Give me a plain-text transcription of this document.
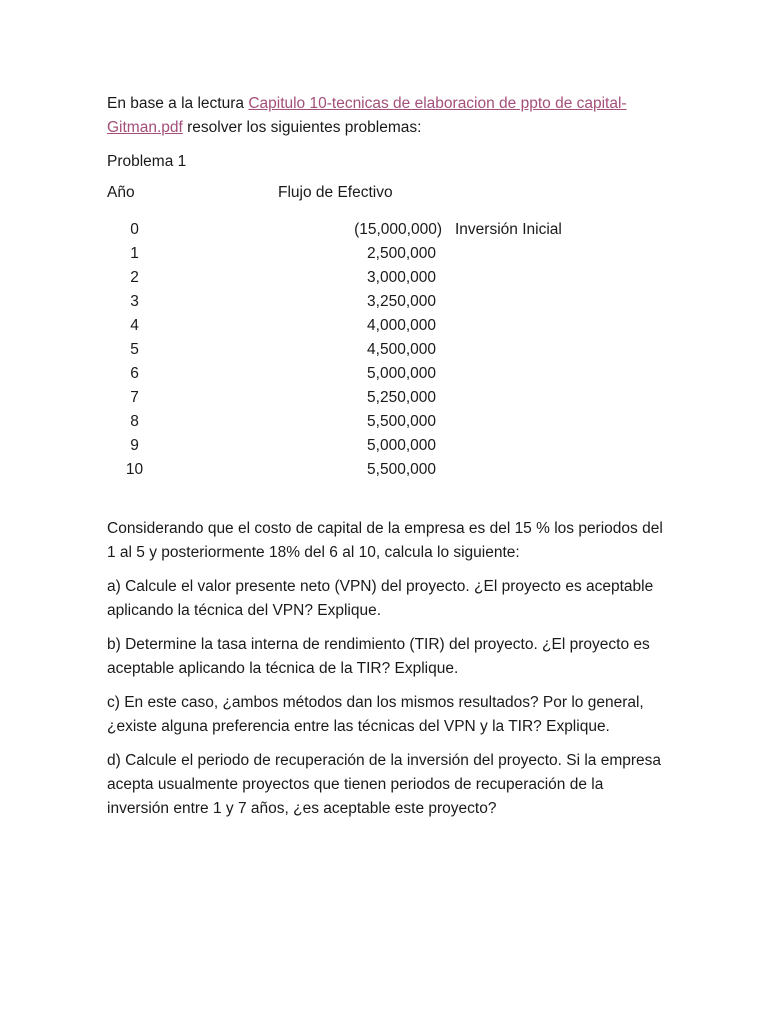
En base a la lectura Capitulo 10-tecnicas de elaboracion de ppto de capital-Gitman.pdf resolver los siguientes problemas:

Problema 1

Año	Flujo de Efectivo
0	(15,000,000) Inversión Inicial
1	2,500,000
2	3,000,000
3	3,250,000
4	4,000,000
5	4,500,000
6	5,000,000
7	5,250,000
8	5,500,000
9	5,000,000
10	5,500,000

Considerando que el costo de capital de la empresa es del 15 % los periodos del 1 al 5 y posteriormente 18% del 6 al 10, calcula lo siguiente:

a) Calcule el valor presente neto (VPN) del proyecto. ¿El proyecto es aceptable aplicando la técnica del VPN? Explique.

b) Determine la tasa interna de rendimiento (TIR) del proyecto. ¿El proyecto es aceptable aplicando la técnica de la TIR? Explique.

c) En este caso, ¿ambos métodos dan los mismos resultados? Por lo general, ¿existe alguna preferencia entre las técnicas del VPN y la TIR? Explique.

d) Calcule el periodo de recuperación de la inversión del proyecto. Si la empresa acepta usualmente proyectos que tienen periodos de recuperación de la inversión entre 1 y 7 años, ¿es aceptable este proyecto?
